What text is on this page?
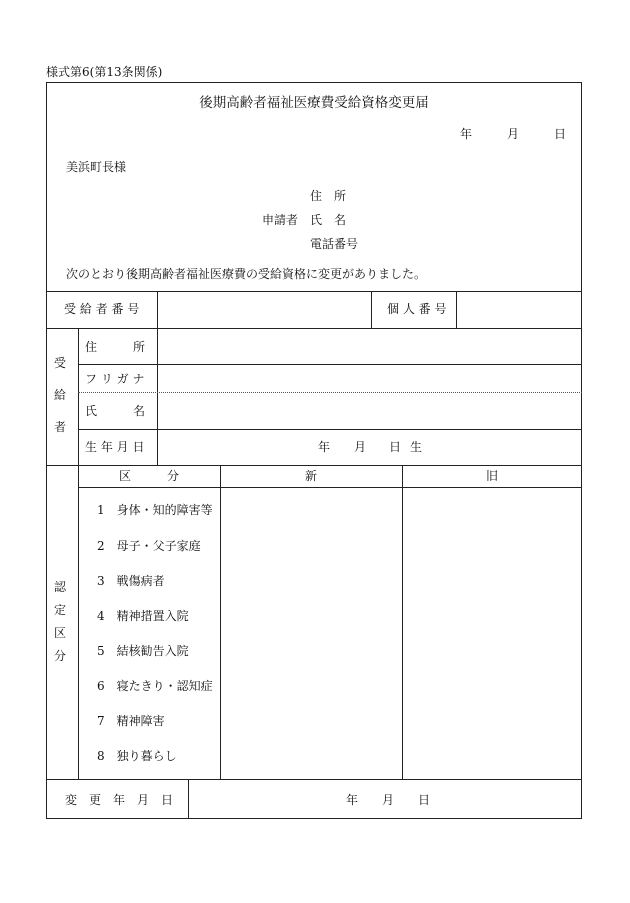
様式第6(第13条関係)
後期高齢者福祉医療費受給資格変更届
年	月	日
美浜町長様
住　所
申請者 氏　名
電話番号
次のとおり後期高齢者福祉医療費の受給資格に変更がありました。
受 給 者 番 号	個 人 番 号
受
給
者
住　　　所
フ リ ガ ナ
氏　　　名
生 年 月 日	年 月 日 生
認
定
区
分
区　　　分	新	旧
1　身体・知的障害等
2　母子・父子家庭
3　戦傷病者
4　精神措置入院
5　結核勧告入院
6　寝たきり・認知症
7　精神障害
8　独り暮らし
変　更　年　月　日	年 月 日
